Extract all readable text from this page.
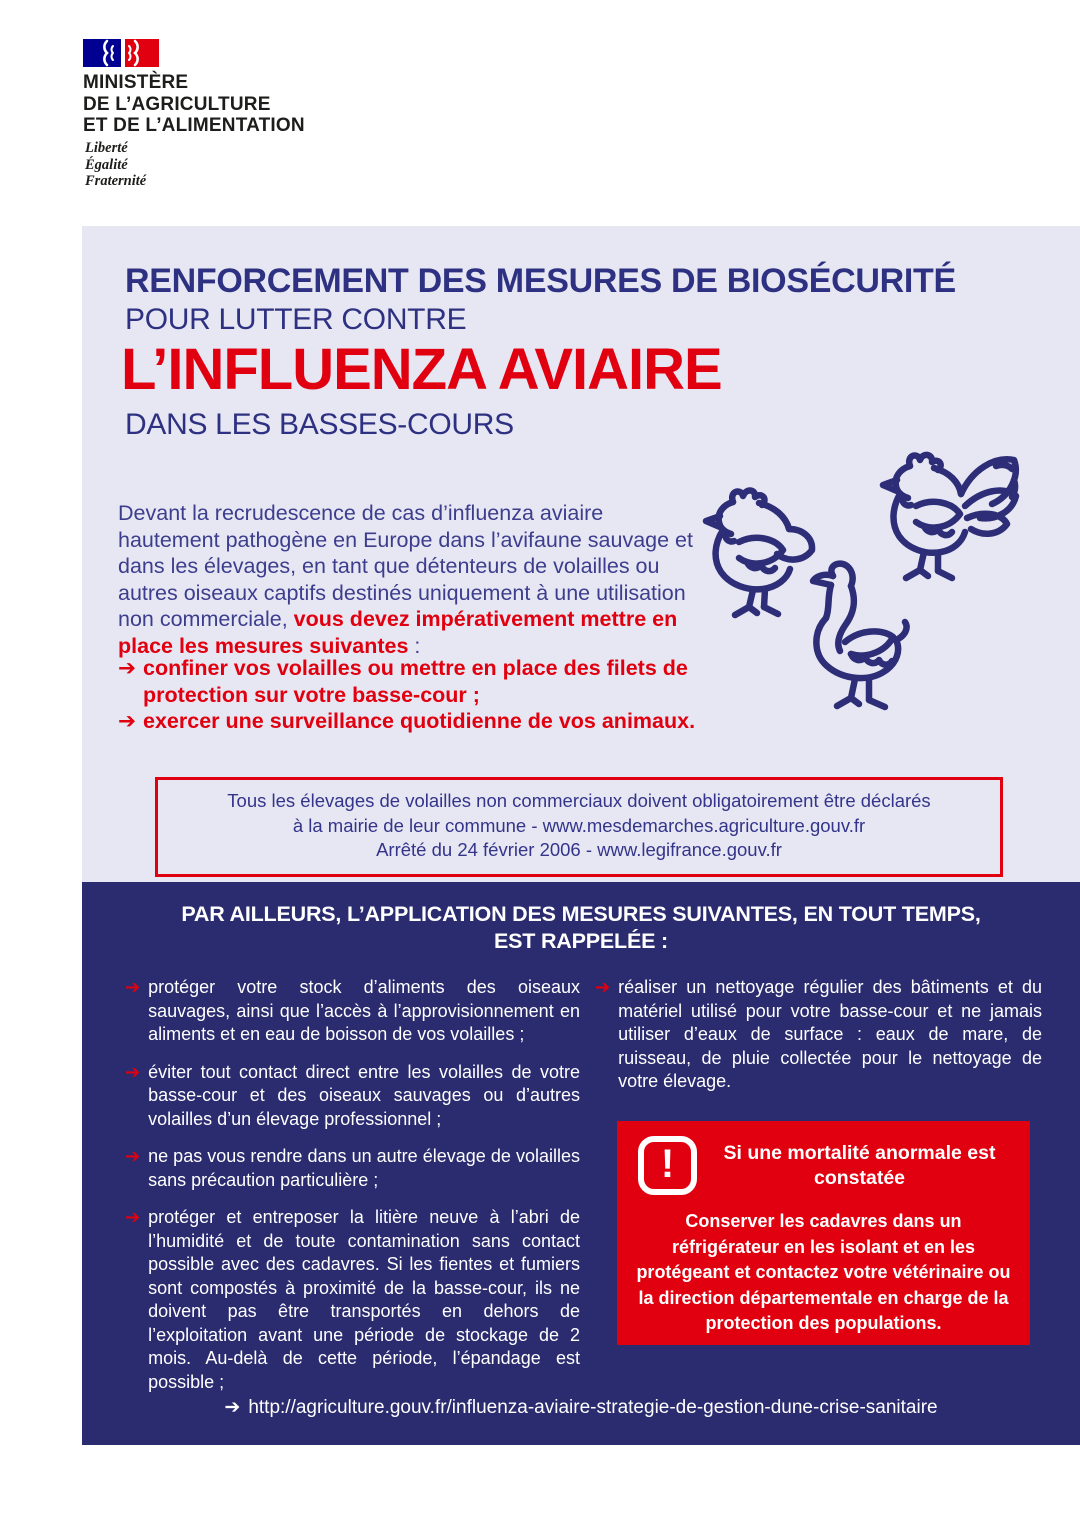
MINISTÈRE
DE L’AGRICULTURE
ET DE L’ALIMENTATION
Liberté
Égalité
Fraternité
RENFORCEMENT DES MESURES DE BIOSÉCURITÉ
POUR LUTTER CONTRE
L’INFLUENZA AVIAIRE
DANS LES BASSES-COURS
Devant la recrudescence de cas d’influenza aviaire hautement pathogène en Europe dans l’avifaune sauvage et dans les élevages, en tant que détenteurs de volailles ou autres oiseaux captifs destinés uniquement à une utilisation non commerciale, vous devez impérativement mettre en place les mesures suivantes :
➔ confiner vos volailles ou mettre en place des filets de protection sur votre basse-cour ;
➔ exercer une surveillance quotidienne de vos animaux.
Tous les élevages de volailles non commerciaux doivent obligatoirement être déclarés
à la mairie de leur commune - www.mesdemarches.agriculture.gouv.fr
Arrêté du 24 février 2006 - www.legifrance.gouv.fr
PAR AILLEURS, L’APPLICATION DES MESURES SUIVANTES, EN TOUT TEMPS,
EST RAPPELÉE :
➔ protéger votre stock d’aliments des oiseaux sauvages, ainsi que l’accès à l’approvisionnement en aliments et en eau de boisson de vos volailles ;
➔ éviter tout contact direct entre les volailles de votre basse-cour et des oiseaux sauvages ou d’autres volailles d’un élevage professionnel ;
➔ ne pas vous rendre dans un autre élevage de volailles sans précaution particulière ;
➔ protéger et entreposer la litière neuve à l’abri de l’humidité et de toute contamination sans contact possible avec des cadavres. Si les fientes et fumiers sont compostés à proximité de la basse-cour, ils ne doivent pas être transportés en dehors de l’exploitation avant une période de stockage de 2 mois. Au-delà de cette période, l’épandage est possible ;
➔ réaliser un nettoyage régulier des bâtiments et du matériel utilisé pour votre basse-cour et ne jamais utiliser d’eaux de surface : eaux de mare, de ruisseau, de pluie collectée pour le nettoyage de votre élevage.
!	Si une mortalité anormale est constatée
Conserver les cadavres dans un réfrigérateur en les isolant et en les protégeant et contactez votre vétérinaire ou la direction départementale en charge de la protection des populations.
➔ http://agriculture.gouv.fr/influenza-aviaire-strategie-de-gestion-dune-crise-sanitaire
